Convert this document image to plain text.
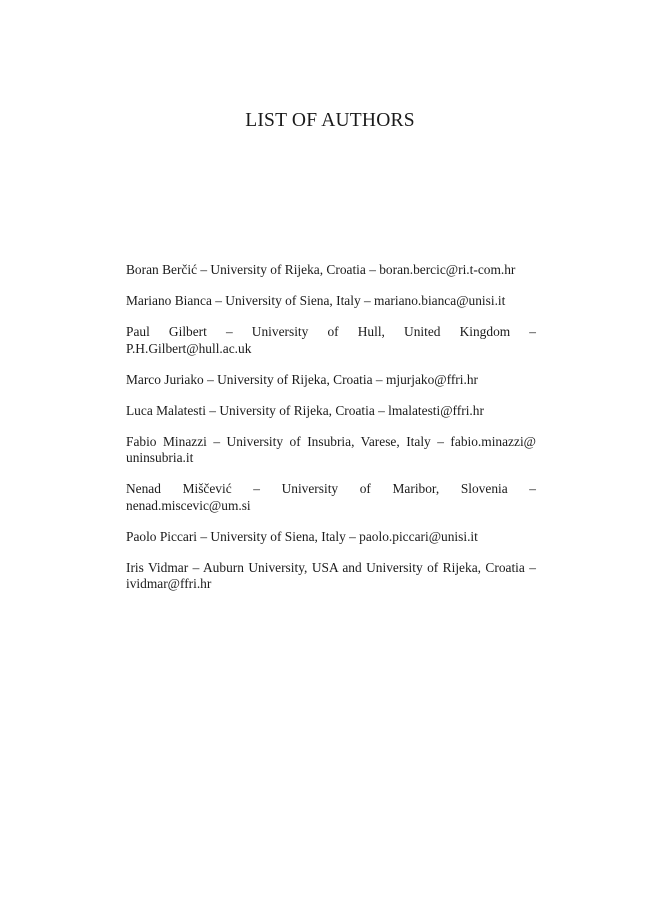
LIST OF AUTHORS
Boran Berčić – University of Rijeka, Croatia – boran.bercic@ri.t-com.hr
Mariano Bianca – University of Siena, Italy – mariano.bianca@unisi.it
Paul Gilbert – University of Hull, United Kingdom – P.H.Gilbert@hull.ac.uk
Marco Juriako – University of Rijeka, Croatia – mjurjako@ffri.hr
Luca Malatesti – University of Rijeka, Croatia – lmalatesti@ffri.hr
Fabio Minazzi – University of Insubria, Varese, Italy – fabio.minazzi@ uninsubria.it
Nenad Miščević – University of Maribor, Slovenia – nenad.miscevic@um.si
Paolo Piccari – University of Siena, Italy – paolo.piccari@unisi.it
Iris Vidmar – Auburn University, USA and University of Rijeka, Croatia – ividmar@ffri.hr
